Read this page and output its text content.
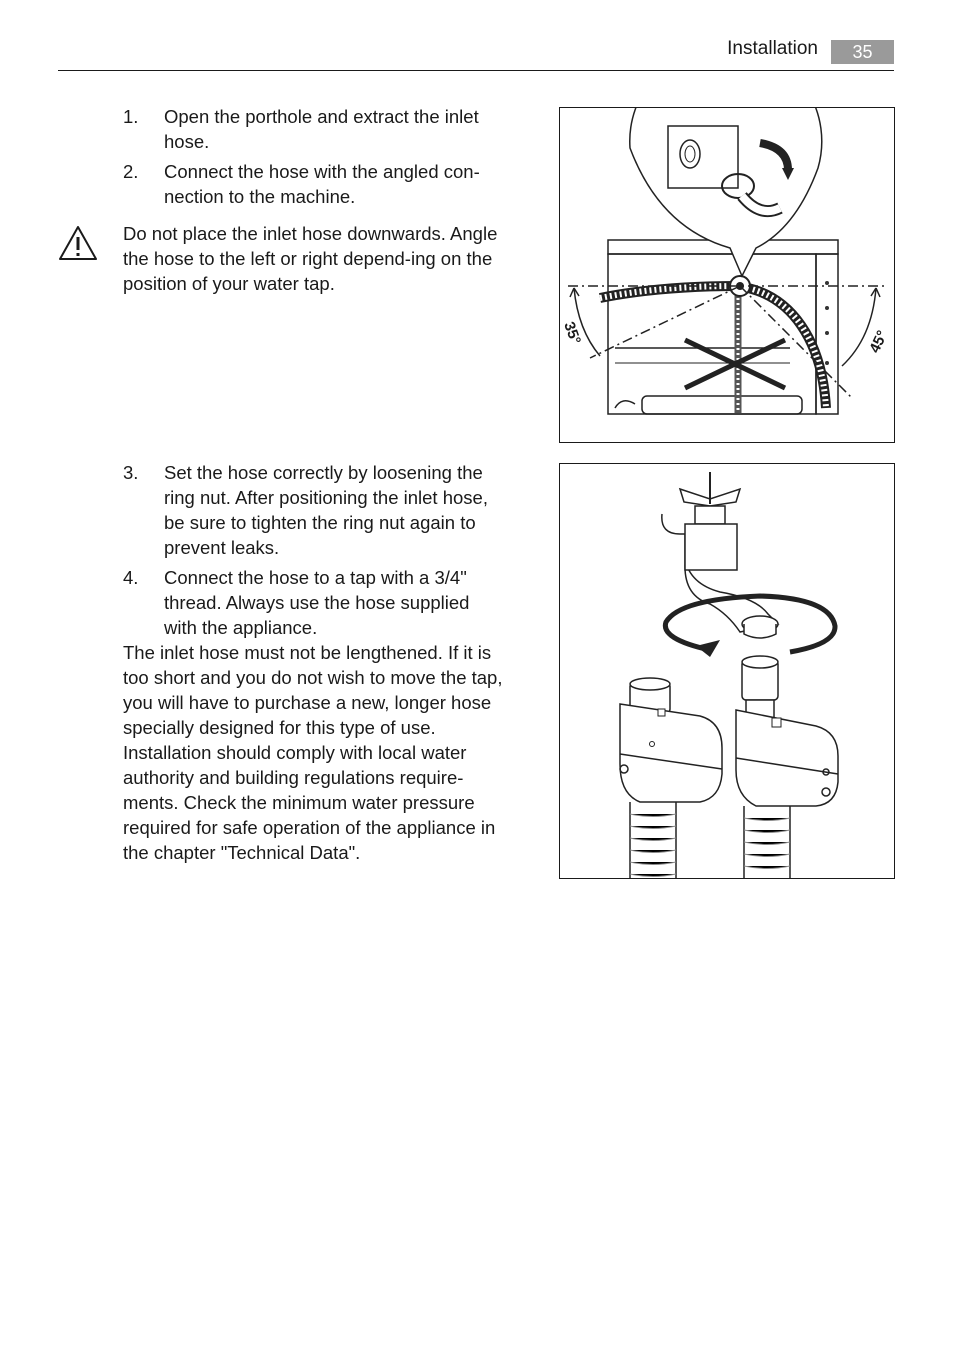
Installation	35
1. Open the porthole and extract the inlet hose.
2. Connect the hose with the angled con-nection to the machine.
Do not place the inlet hose downwards. Angle the hose to the left or right depend-ing on the position of your water tap.
35°	45°
3. Set the hose correctly by loosening the ring nut. After positioning the inlet hose, be sure to tighten the ring nut again to prevent leaks.
4. Connect the hose to a tap with a 3/4" thread. Always use the hose supplied with the appliance.
The inlet hose must not be lengthened. If it is too short and you do not wish to move the tap, you will have to purchase a new, longer hose specially designed for this type of use. Installation should comply with local water authority and building regulations require-ments. Check the minimum water pressure required for safe operation of the appliance in the chapter "Technical Data".
